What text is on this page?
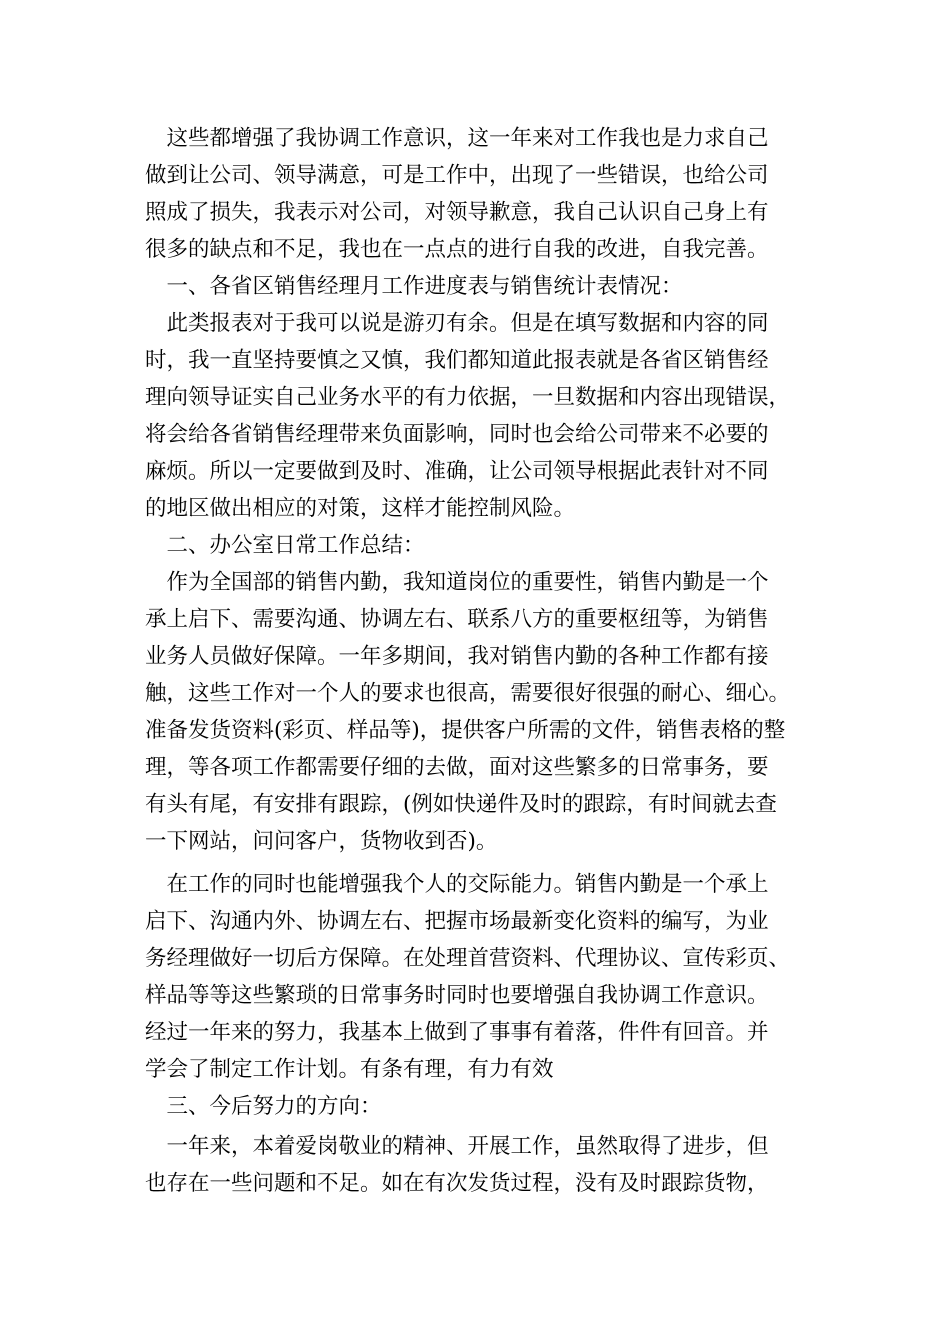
　这些都增强了我协调工作意识，这一年来对工作我也是力求自己
做到让公司、领导满意，可是工作中，出现了一些错误，也给公司
照成了损失，我表示对公司，对领导歉意，我自己认识自己身上有
很多的缺点和不足，我也在一点点的进行自我的改进，自我完善。
　一、各省区销售经理月工作进度表与销售统计表情况：
　此类报表对于我可以说是游刃有余。但是在填写数据和内容的同
时，我一直坚持要慎之又慎，我们都知道此报表就是各省区销售经
理向领导证实自己业务水平的有力依据，一旦数据和内容出现错误，
将会给各省销售经理带来负面影响，同时也会给公司带来不必要的
麻烦。所以一定要做到及时、准确，让公司领导根据此表针对不同
的地区做出相应的对策，这样才能控制风险。
　二、办公室日常工作总结：
　作为全国部的销售内勤，我知道岗位的重要性，销售内勤是一个
承上启下、需要沟通、协调左右、联系八方的重要枢纽等，为销售
业务人员做好保障。一年多期间，我对销售内勤的各种工作都有接
触，这些工作对一个人的要求也很高，需要很好很强的耐心、细心。
准备发货资料(彩页、样品等)，提供客户所需的文件，销售表格的整
理，等各项工作都需要仔细的去做，面对这些繁多的日常事务，要
有头有尾，有安排有跟踪，(例如快递件及时的跟踪，有时间就去查
一下网站，问问客户，货物收到否)。
　在工作的同时也能增强我个人的交际能力。销售内勤是一个承上
启下、沟通内外、协调左右、把握市场最新变化资料的编写，为业
务经理做好一切后方保障。在处理首营资料、代理协议、宣传彩页、
样品等等这些繁琐的日常事务时同时也要增强自我协调工作意识。
经过一年来的努力，我基本上做到了事事有着落，件件有回音。并
学会了制定工作计划。有条有理，有力有效
　三、今后努力的方向：
　一年来，本着爱岗敬业的精神、开展工作，虽然取得了进步，但
也存在一些问题和不足。如在有次发货过程，没有及时跟踪货物，
